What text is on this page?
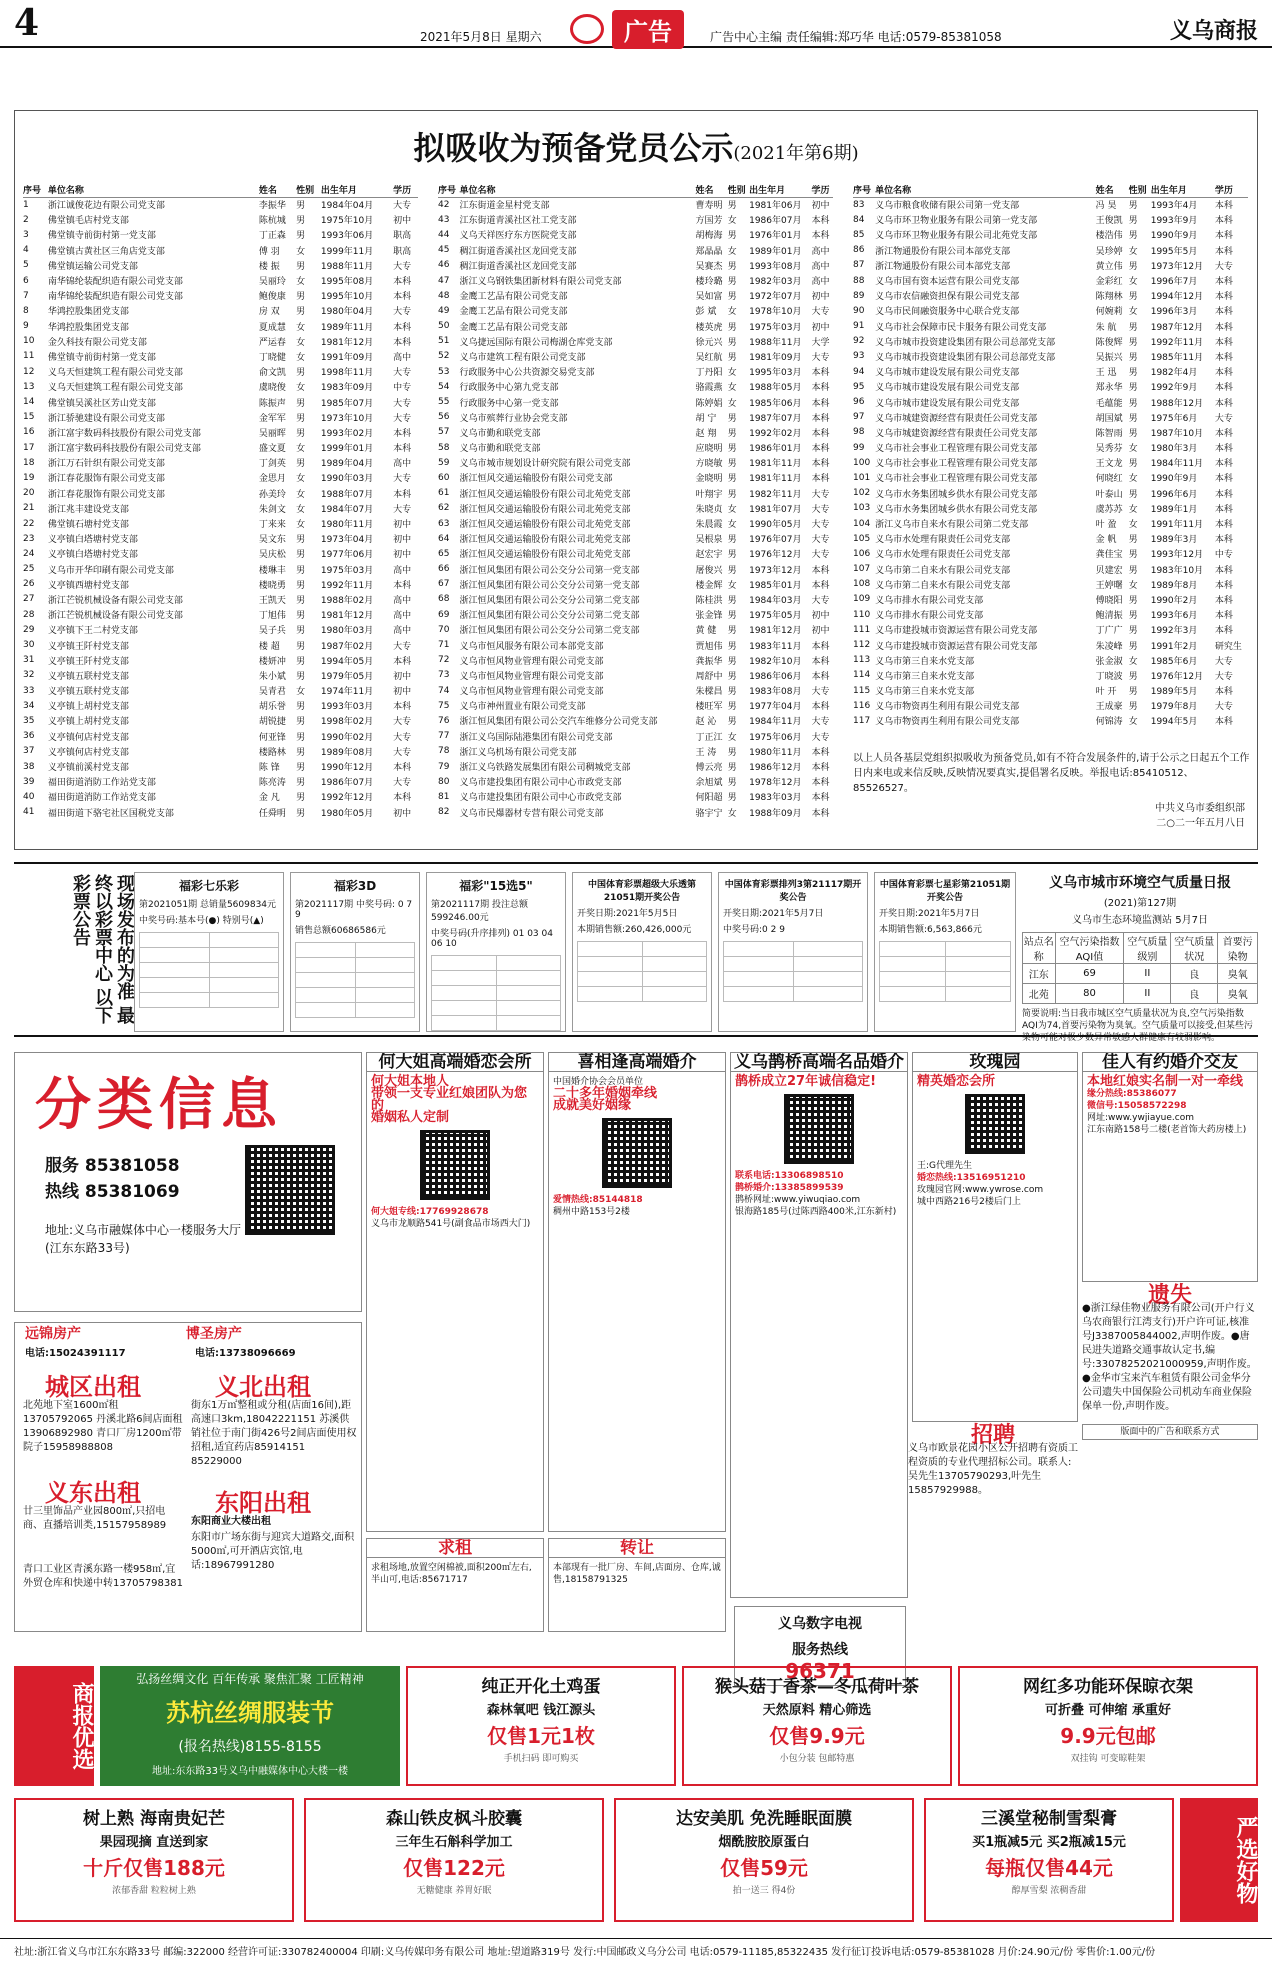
4	2021年5月8日 星期六	广告	广告中心主编 责任编辑:郑巧华 电话:0579-85381058	义乌商报
拟吸收为预备党员公示(2021年第6期)
序号	单位名称	姓名	性别	出生年月	学历
1	浙江诚俊花边有限公司党支部	李振华	男	1984年04月	大专
2	佛堂镇毛店村党支部	陈杭城	男	1975年10月	初中
3	佛堂镇寺前街村第一党支部	丁正森	男	1993年06月	职高
4	佛堂镇古黄社区三角店党支部	傅 羽	女	1999年11月	职高
5	佛堂镇运输公司党支部	楼 振	男	1988年11月	大专
6	南华锦纶装配织造有限公司党支部	吴丽玲	女	1995年08月	本科
7	南华锦纶装配织造有限公司党支部	鲍俊康	男	1995年10月	本科
8	华鸿控股集团党支部	房 双	男	1980年04月	大专
9	华鸿控股集团党支部	夏成慧	女	1989年11月	本科
10	金久科技有限公司党支部	严运春	女	1981年12月	本科
11	佛堂镇寺前街村第一党支部	丁晓健	女	1991年09月	高中
12	义乌天恒建筑工程有限公司党支部	俞文凯	男	1998年11月	大专
13	义乌天恒建筑工程有限公司党支部	虞晓俊	女	1983年09月	中专
14	佛堂镇吴溪社区芳山党支部	陈振声	男	1985年07月	大专
15	浙江骄驰建设有限公司党支部	金军军	男	1973年10月	大专
16	浙江富宇数码科技股份有限公司党支部	吴丽晖	男	1993年02月	本科
17	浙江富宇数码科技股份有限公司党支部	盛文夏	女	1999年01月	本科
18	浙江万石针织有限公司党支部	丁剑英	男	1989年04月	高中
19	浙江春花服饰有限公司党支部	金思月	女	1990年03月	大专
20	浙江春花服饰有限公司党支部	孙美玲	女	1988年07月	本科
21	浙江兆丰建设党支部	朱剑文	女	1984年07月	大专
22	佛堂镇石塘村党支部	丁来来	女	1980年11月	初中
23	义亭镇白塔塘村党支部	吴文东	男	1973年04月	初中
24	义亭镇白塔塘村党支部	吴庆松	男	1977年06月	初中
25	义乌市开华印刷有限公司党支部	楼琳丰	男	1975年03月	高中
26	义亭镇西塘村党支部	楼晓勇	男	1992年11月	本科
27	浙江芒锐机械设备有限公司党支部	王凯天	男	1988年02月	高中
28	浙江芒锐机械设备有限公司党支部	丁旭伟	男	1981年12月	高中
29	义亭镇下王二村党支部	吴子兵	男	1980年03月	高中
30	义亭镇王阡村党支部	楼 超	男	1987年02月	大专
31	义亭镇王阡村党支部	楼妍冲	男	1994年05月	本科
32	义亭镇五联村党支部	朱小斌	男	1979年05月	初中
33	义亭镇五联村党支部	吴青君	女	1974年11月	初中
34	义亭镇上胡村党支部	胡乐誉	男	1993年03月	本科
35	义亭镇上胡村党支部	胡锐捷	男	1998年02月	大专
36	义亭镇何店村党支部	何亚锋	男	1990年02月	大专
37	义亭镇何店村党支部	楼路林	男	1989年08月	大专
38	义亭镇前溪村党支部	陈 锋	男	1990年12月	本科
39	福田街道消防工作站党支部	陈亮涛	男	1986年07月	大专
40	福田街道消防工作站党支部	金 凡	男	1992年12月	本科
41	福田街道下骆宅社区国税党支部	任舜明	男	1980年05月	初中
序号	单位名称	姓名	性别	出生年月	学历
42	江东街道金星村党支部	曹寿明	男	1981年06月	初中
43	江东街道青溪社区社工党支部	方国芳	女	1986年07月	本科
44	义乌天祥医疗东方医院党支部	胡梅海	男	1976年01月	本科
45	稠江街道香溪社区龙回党支部	郑晶晶	女	1989年01月	高中
46	稠江街道香溪社区龙回党支部	吴赛杰	男	1993年08月	高中
47	浙江义乌钢铁集团新材料有限公司党支部	楼玲璐	男	1982年03月	高中
48	金鹰工艺品有限公司党支部	吴如富	男	1972年07月	初中
49	金鹰工艺品有限公司党支部	彭 斌	女	1978年10月	大专
50	金鹰工艺品有限公司党支部	楼英虎	男	1975年03月	初中
51	义乌捷远国际有限公司梅湖仓库党支部	徐元兴	男	1988年11月	大学
52	义乌市建筑工程有限公司党支部	吴红航	男	1981年09月	大专
53	行政服务中心公共资源交易党支部	丁丹阳	女	1995年03月	本科
54	行政服务中心第九党支部	骆霞燕	女	1988年05月	本科
55	行政服务中心第一党支部	陈婷娟	女	1985年06月	本科
56	义乌市殡葬行业协会党支部	胡 宁	男	1987年07月	本科
57	义乌市勤和联党支部	赵 翔	男	1992年02月	本科
58	义乌市勤和联党支部	应晓明	男	1986年01月	本科
59	义乌市城市规划设计研究院有限公司党支部	方晓敏	男	1981年11月	本科
60	浙江恒风交通运输股份有限公司党支部	金晓明	男	1981年11月	本科
61	浙江恒风交通运输股份有限公司北苑党支部	叶翔宇	男	1982年11月	大专
62	浙江恒风交通运输股份有限公司北苑党支部	朱晓贞	女	1981年07月	大专
63	浙江恒风交通运输股份有限公司北苑党支部	朱晨霞	女	1990年05月	大专
64	浙江恒风交通运输股份有限公司北苑党支部	吴根泉	男	1976年07月	大专
65	浙江恒风交通运输股份有限公司北苑党支部	赵宏宇	男	1976年12月	大专
66	浙江恒风集团有限公司公交分公司第一党支部	屠俊兴	男	1973年12月	本科
67	浙江恒风集团有限公司公交分公司第一党支部	楼金辉	女	1985年01月	本科
68	浙江恒风集团有限公司公交分公司第二党支部	陈桂洪	男	1984年03月	大专
69	浙江恒风集团有限公司公交分公司第二党支部	张金锋	男	1975年05月	初中
70	浙江恒风集团有限公司公交分公司第二党支部	黄 健	男	1981年12月	初中
71	义乌市恒风服务有限公司本部党支部	贾旭伟	男	1983年11月	本科
72	义乌市恒风物业管理有限公司党支部	龚振华	男	1982年10月	本科
73	义乌市恒风物业管理有限公司党支部	周舒中	男	1986年06月	本科
74	义乌市恒风物业管理有限公司党支部	朱樑昌	男	1983年08月	大专
75	义乌市神州置业有限公司党支部	楼旺军	男	1977年04月	本科
76	浙江恒风集团有限公司公交汽车维修分公司党支部	赵 沁	男	1984年11月	大专
77	浙江义乌国际陆港集团有限公司党支部	丁正江	女	1975年06月	大专
78	浙江义乌机场有限公司党支部	王 涛	男	1980年11月	本科
79	浙江义乌铁路发展集团有限公司稠城党支部	傅云亮	男	1986年12月	本科
80	义乌市建投集团有限公司中心市政党支部	余旭斌	男	1978年12月	本科
81	义乌市建投集团有限公司中心市政党支部	何阳超	男	1983年03月	本科
82	义乌市民爆器材专营有限公司党支部	骆宇宁	女	1988年09月	本科
序号	单位名称	姓名	性别	出生年月	学历
83	义乌市粮食收储有限公司第一党支部	冯 昊	男	1993年4月	本科
84	义乌市环卫物业服务有限公司第一党支部	王俊凯	男	1993年9月	本科
85	义乌市环卫物业服务有限公司北苑党支部	楼浩伟	男	1990年9月	本科
86	浙江物通股份有限公司本部党支部	吴珍婷	女	1995年5月	本科
87	浙江物通股份有限公司本部党支部	黄立伟	男	1973年12月	大专
88	义乌市国有资本运营有限公司党支部	金彩红	女	1996年7月	本科
89	义乌市农信融资担保有限公司党支部	陈翔林	男	1994年12月	本科
90	义乌市民间融资服务中心联合党支部	何婉莉	女	1996年3月	本科
91	义乌市社会保障市民卡服务有限公司党支部	朱 航	男	1987年12月	本科
92	义乌市城市投资建设集团有限公司总部党支部	陈俊辉	男	1992年11月	本科
93	义乌市城市投资建设集团有限公司总部党支部	吴振兴	男	1985年11月	本科
94	义乌市城市建设发展有限公司党支部	王 迅	男	1982年4月	本科
95	义乌市城市建设发展有限公司党支部	郑永华	男	1992年9月	本科
96	义乌市城市建设发展有限公司党支部	毛蕴能	男	1988年12月	本科
97	义乌市城建资源经营有限责任公司党支部	胡国斌	男	1975年6月	大专
98	义乌市城建资源经营有限责任公司党支部	陈智雨	男	1987年10月	本科
99	义乌市社会事业工程管理有限公司党支部	吴秀芬	女	1980年3月	本科
100	义乌市社会事业工程管理有限公司党支部	王文龙	男	1984年11月	本科
101	义乌市社会事业工程管理有限公司党支部	何晓红	女	1990年9月	本科
102	义乌市水务集团城乡供水有限公司党支部	叶泰山	男	1996年6月	本科
103	义乌市水务集团城乡供水有限公司党支部	虞苏苏	女	1989年1月	本科
104	浙江义乌市自来水有限公司第二党支部	叶 盈	女	1991年11月	本科
105	义乌市水处理有限责任公司党支部	金 帆	男	1989年3月	本科
106	义乌市水处理有限责任公司党支部	龚佳宝	男	1993年12月	中专
107	义乌市第二自来水有限公司党支部	贝建宏	男	1983年10月	本科
108	义乌市第二自来水有限公司党支部	王婷曙	女	1989年8月	本科
109	义乌市排水有限公司党支部	傅晓阳	男	1990年2月	本科
110	义乌市排水有限公司党支部	鲍清振	男	1993年6月	本科
111	义乌市建投城市资源运营有限公司党支部	丁广广	男	1992年3月	本科
112	义乌市建投城市资源运营有限公司党支部	朱凌峰	男	1991年2月	研究生
113	义乌市第三自来水党支部	张金淑	女	1985年6月	大专
114	义乌市第三自来水党支部	丁晓波	男	1976年12月	大专
115	义乌市第三自来水党支部	叶 开	男	1989年5月	本科
116	义乌市物资再生利用有限公司党支部	王成豪	男	1979年8月	大专
117	义乌市物资再生利用有限公司党支部	何锦涛	女	1994年5月	本科
以上人员各基层党组织拟吸收为预备党员,如有不符合发展条件的,请于公示之日起五个工作日内来电或来信反映,反映情况要真实,提倡署名反映。举报电话:85410512、85526527。
中共义乌市委组织部
二○二一年五月八日
现场发布的为准 最终以彩票中心 以下彩票公告	福彩七乐彩
第2021051期 总销量5609834元
中奖号码:基本号(●) 特别号(▲)

福彩3D
第2021117期 中奖号码: 0 7 9
销售总额60686586元

福彩"15选5"
第2021117期 投注总额599246.00元
中奖号码(升序排列) 01 03 04 06 10

中国体育彩票超级大乐透第21051期开奖公告
开奖日期:2021年5月5日
本期销售额:260,426,000元

中国体育彩票排列3第21117期开奖公告
开奖日期:2021年5月7日
中奖号码:0 2 9

中国体育彩票七星彩第21051期开奖公告
开奖日期:2021年5月7日
本期销售额:6,563,866元

义乌市城市环境空气质量日报
(2021)第127期
义乌市生态环境监测站 5月7日
站点名称	空气污染指数AQI值	空气质量级别	空气质量状况	首要污染物
江东	69	II	良	臭氧
北苑	80	II	良	臭氧
简要说明:当日我市城区空气质量状况为良,空气污染指数AQI为74,首要污染物为臭氧。空气质量可以接受,但某些污染物可能对极少数异常敏感人群健康有较弱影响。
分类信息
服务 85381058
热线 85381069
地址:义乌市融媒体中心一楼服务大厅(江东东路33号)
何大姐高端婚恋会所
何大姐本地人
带领一支专业红娘团队为您的
婚姻私人定制
何大姐专线:17769928678
义乌市龙顺路541号(副食品市场西大门)
喜相逢高端婚介
中国婚介协会会员单位
二十多年婚姻牵线
成就美好姻缘
爱情热线:85144818
稠州中路153号2楼
义乌鹊桥高端名品婚介
鹊桥成立27年诚信稳定!
联系电话:13306898510
鹊桥婚介:13385899539
鹊桥网址:www.yiwuqiao.com
银海路185号(过陈西路400米,江东新村)
玫瑰园
精英婚恋会所
王:G代理先生
婚恋热线:13516951210
玫瑰园官网:www.ywrose.com
城中西路216号2楼后门上
佳人有约婚介交友
本地红娘实名制一对一牵线
缘分热线:85386077
微信号:15058572298
网址:www.ywjiayue.com
江东南路158号二楼(老首饰大药房楼上)
远锦房产	博圣房产
电话:15024391117	电话:13738096669
城区出租
北苑地下室1600㎡租13705792065 丹溪北路6间店面租13906892980 青口厂房1200㎡带院子15958988808
义北出租
街东1万㎡整租或分租(店面16间),距高速口3km,18042221151 苏溪供销社位于南门街426号2间店面使用权招租,适宜药店85914151 85229000
义东出租
廿三里饰品产业园800㎡,只招电商、直播培训类,15157958989
东阳出租
东阳商业大楼出租
东阳市广场东街与迎宾大道路交,面积5000㎡,可开酒店宾馆,电话:18967991280
青口工业区青溪东路一楼958㎡,宜外贸仓库和快递中转13705798381
求租
求租场地,放置空闲棉被,面积200㎡左右,半山可,电话:85671717
转让
本部现有一批厂房、车间,店面房、仓库,诚售,18158791325
义乌数字电视
服务热线
96371
招聘
义乌市欧景花园小区公开招聘有资质工程资质的专业代理招标公司。联系人:吴先生13705790293,叶先生15857929988。
遗失
●浙江绿佳物业服务有限公司(开户行义乌农商银行江湾支行)开户许可证,核准号J3387005844002,声明作废。●唐民进失道路交通事故认定书,编号:33078252021000959,声明作废。●金华市宝来汽车租赁有限公司金华分公司遗失中国保险公司机动车商业保险保单一份,声明作废。
版面中的广告和联系方式
商报优选
弘扬丝绸文化 百年传承 聚焦汇聚 工匠精神
苏杭丝绸服装节
(报名热线)8155-8155
地址:东东路33号义乌中融媒体中心大楼一楼
纯正开化土鸡蛋
森林氧吧 钱江源头
仅售1元1枚
手机扫码 即可购买
猴头菇丁香茶—冬瓜荷叶茶
天然原料 精心筛选
仅售9.9元
小包分装 包邮特惠
网红多功能环保晾衣架
可折叠 可伸缩 承重好
9.9元包邮
双挂钩 可变晾鞋架
树上熟 海南贵妃芒
果园现摘 直送到家
十斤仅售188元
浓郁香甜 粒粒树上熟
森山铁皮枫斗胶囊
三年生石斛科学加工
仅售122元
无糖健康 养胃好眠
达安美肌 免洗睡眠面膜
烟酰胺胶原蛋白
仅售59元
拍一送三 得4份
三溪堂秘制雪梨膏
买1瓶减5元 买2瓶减15元
每瓶仅售44元
醇厚雪梨 浓稠香甜	严选好物
社址:浙江省义乌市江东东路33号 邮编:322000 经营许可证:330782400004 印刷:义乌传媒印务有限公司 地址:望道路319号 发行:中国邮政义乌分公司 电话:0579-11185,85322435 发行征订投诉电话:0579-85381028 月价:24.90元/份 零售价:1.00元/份
